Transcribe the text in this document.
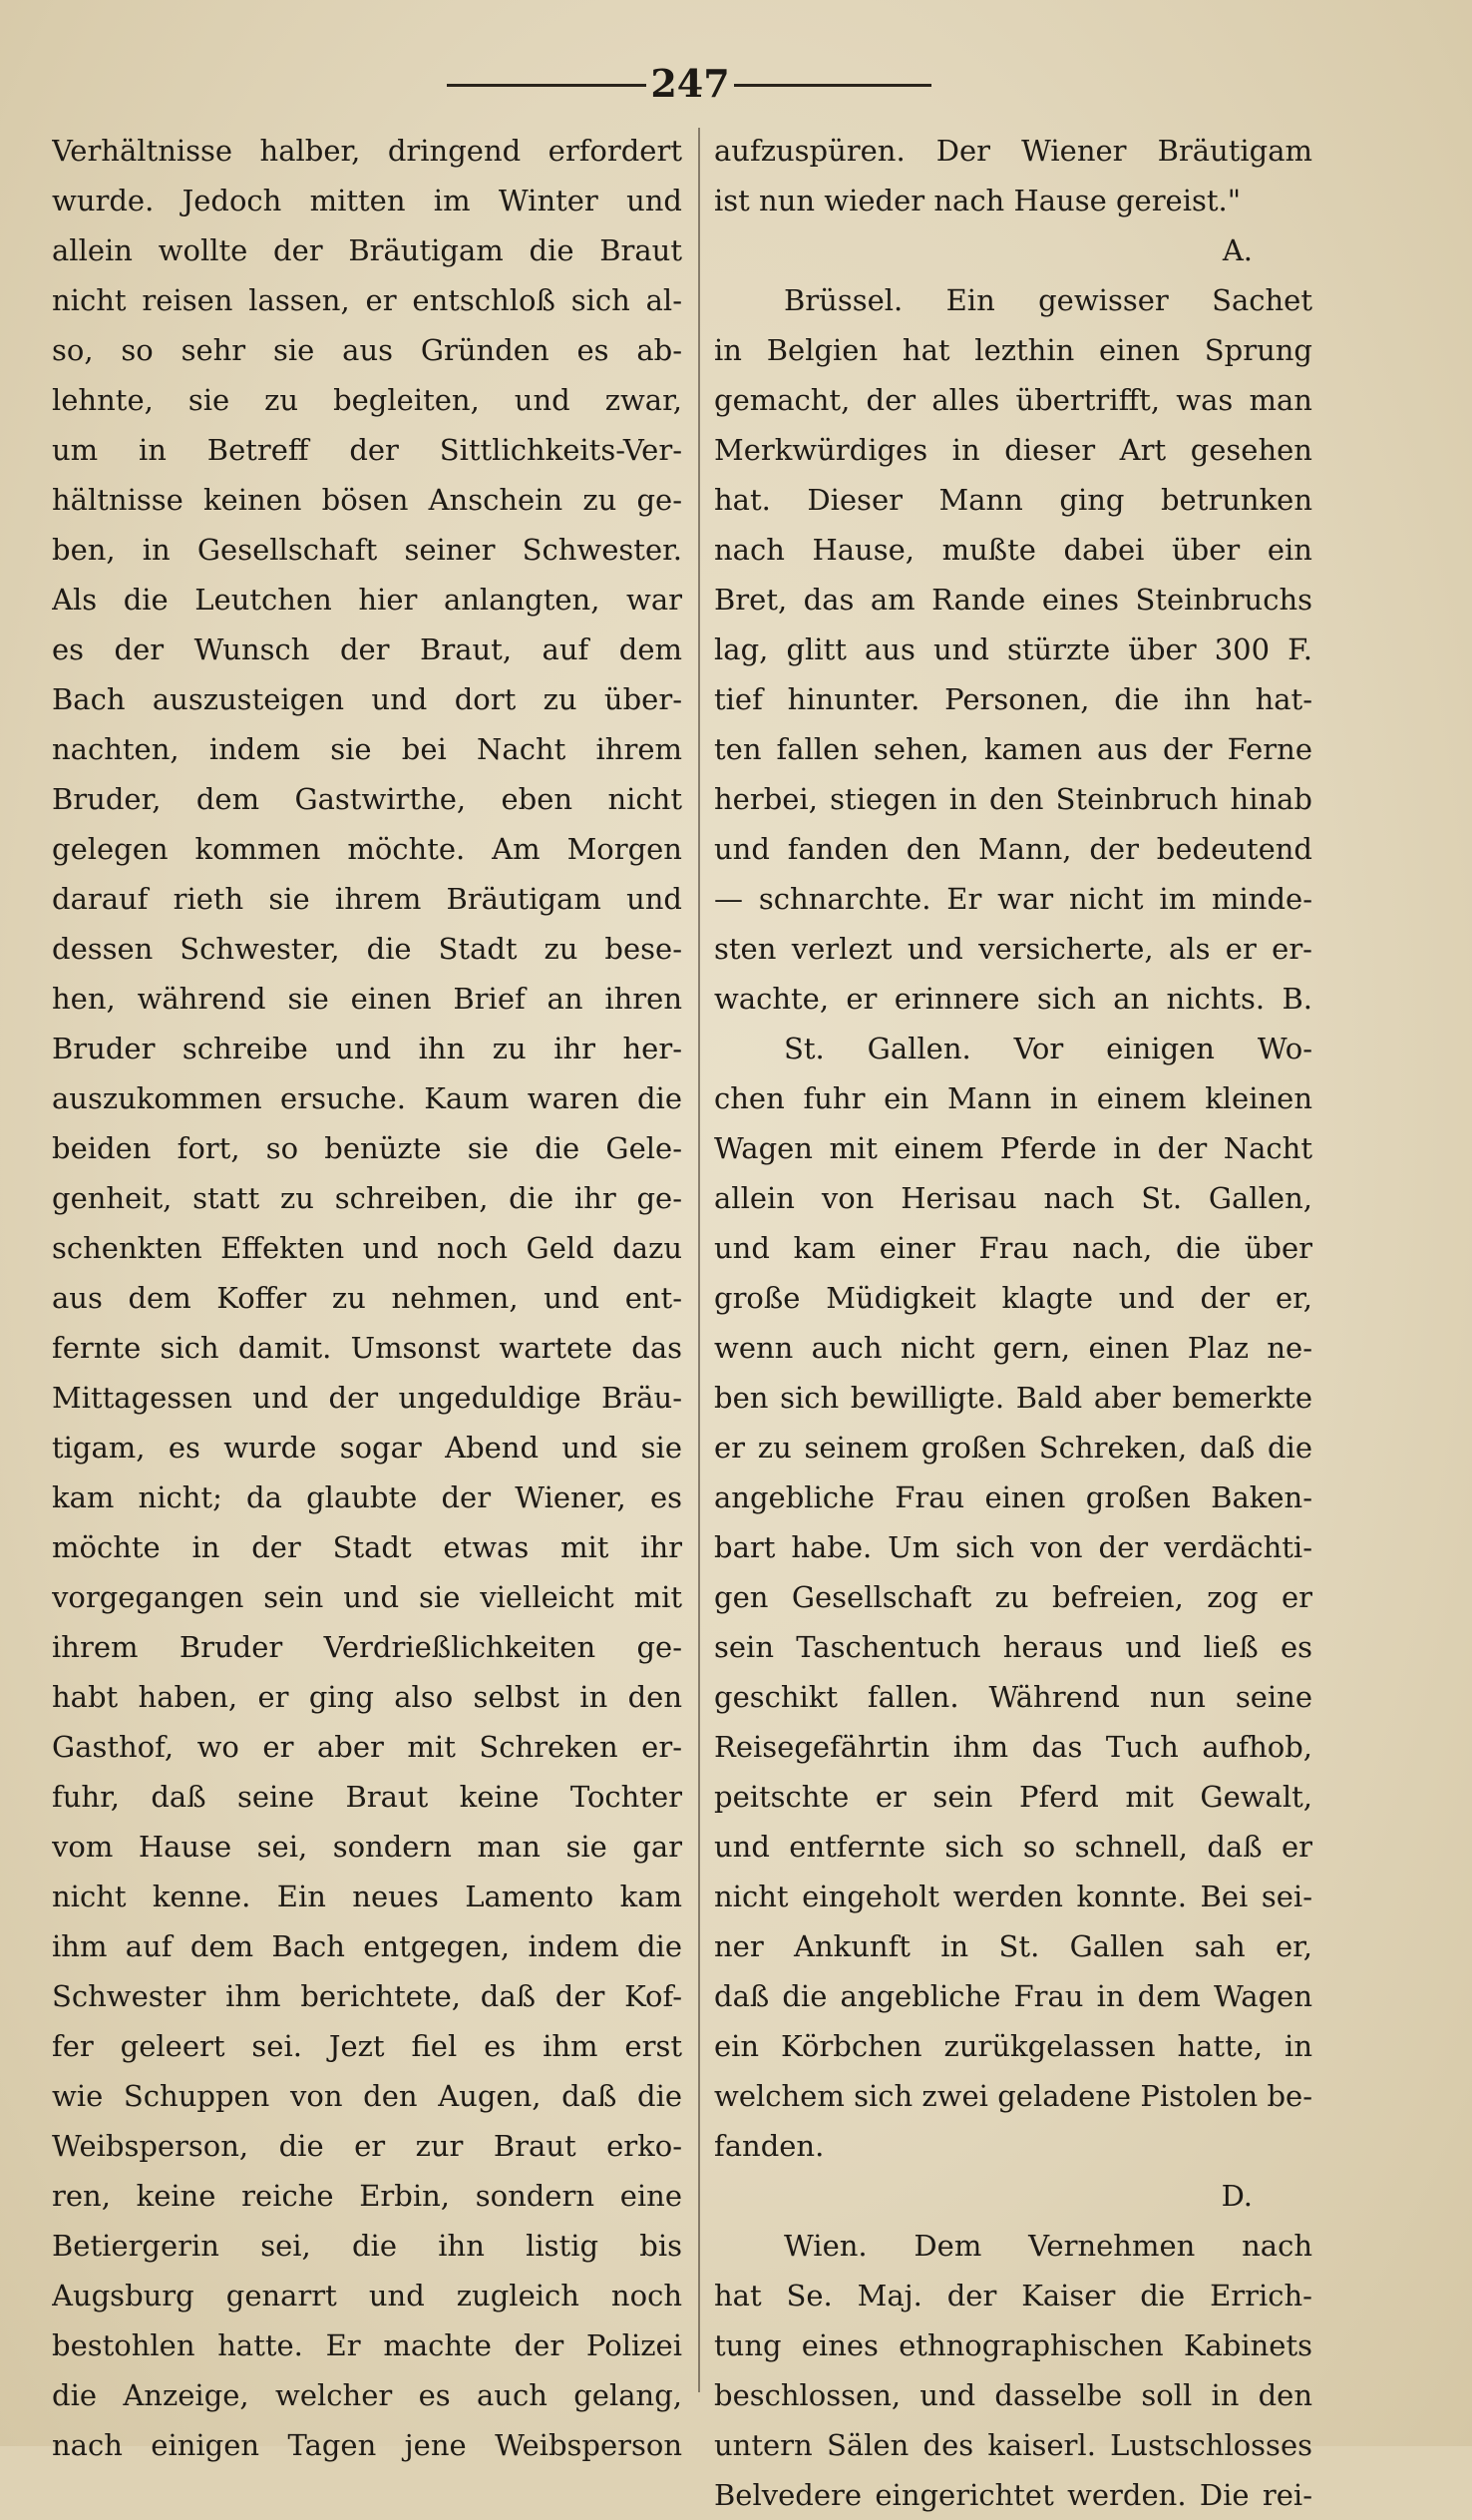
247
Verhältnisse halber, dringend erfordert
wurde. Jedoch mitten im Winter und
allein wollte der Bräutigam die Braut
nicht reisen lassen, er entschloß sich al-
so, so sehr sie aus Gründen es ab-
lehnte, sie zu begleiten, und zwar,
um in Betreff der Sittlichkeits-Ver-
hältnisse keinen bösen Anschein zu ge-
ben, in Gesellschaft seiner Schwester.
Als die Leutchen hier anlangten, war
es der Wunsch der Braut, auf dem
Bach auszusteigen und dort zu über-
nachten, indem sie bei Nacht ihrem
Bruder, dem Gastwirthe, eben nicht
gelegen kommen möchte. Am Morgen
darauf rieth sie ihrem Bräutigam und
dessen Schwester, die Stadt zu bese-
hen, während sie einen Brief an ihren
Bruder schreibe und ihn zu ihr her-
auszukommen ersuche. Kaum waren die
beiden fort, so benüzte sie die Gele-
genheit, statt zu schreiben, die ihr ge-
schenkten Effekten und noch Geld dazu
aus dem Koffer zu nehmen, und ent-
fernte sich damit. Umsonst wartete das
Mittagessen und der ungeduldige Bräu-
tigam, es wurde sogar Abend und sie
kam nicht; da glaubte der Wiener, es
möchte in der Stadt etwas mit ihr
vorgegangen sein und sie vielleicht mit
ihrem Bruder Verdrießlichkeiten ge-
habt haben, er ging also selbst in den
Gasthof, wo er aber mit Schreken er-
fuhr, daß seine Braut keine Tochter
vom Hause sei, sondern man sie gar
nicht kenne. Ein neues Lamento kam
ihm auf dem Bach entgegen, indem die
Schwester ihm berichtete, daß der Kof-
fer geleert sei. Jezt fiel es ihm erst
wie Schuppen von den Augen, daß die
Weibsperson, die er zur Braut erko-
ren, keine reiche Erbin, sondern eine
Betiergerin sei, die ihn listig bis
Augsburg genarrt und zugleich noch
bestohlen hatte. Er machte der Polizei
die Anzeige, welcher es auch gelang,
nach einigen Tagen jene Weibsperson
aufzuspüren. Der Wiener Bräutigam
ist nun wieder nach Hause gereist."
A.
Brüssel. Ein gewisser Sachet
in Belgien hat lezthin einen Sprung
gemacht, der alles übertrifft, was man
Merkwürdiges in dieser Art gesehen
hat. Dieser Mann ging betrunken
nach Hause, mußte dabei über ein
Bret, das am Rande eines Steinbruchs
lag, glitt aus und stürzte über 300 F.
tief hinunter. Personen, die ihn hat-
ten fallen sehen, kamen aus der Ferne
herbei, stiegen in den Steinbruch hinab
und fanden den Mann, der bedeutend
— schnarchte. Er war nicht im minde-
sten verlezt und versicherte, als er er-
wachte, er erinnere sich an nichts. B.
St. Gallen. Vor einigen Wo-
chen fuhr ein Mann in einem kleinen
Wagen mit einem Pferde in der Nacht
allein von Herisau nach St. Gallen,
und kam einer Frau nach, die über
große Müdigkeit klagte und der er,
wenn auch nicht gern, einen Plaz ne-
ben sich bewilligte. Bald aber bemerkte
er zu seinem großen Schreken, daß die
angebliche Frau einen großen Baken-
bart habe. Um sich von der verdächti-
gen Gesellschaft zu befreien, zog er
sein Taschentuch heraus und ließ es
geschikt fallen. Während nun seine
Reisegefährtin ihm das Tuch aufhob,
peitschte er sein Pferd mit Gewalt,
und entfernte sich so schnell, daß er
nicht eingeholt werden konnte. Bei sei-
ner Ankunft in St. Gallen sah er,
daß die angebliche Frau in dem Wagen
ein Körbchen zurükgelassen hatte, in
welchem sich zwei geladene Pistolen be-
fanden.
D.
Wien. Dem Vernehmen nach
hat Se. Maj. der Kaiser die Errich-
tung eines ethnographischen Kabinets
beschlossen, und dasselbe soll in den
untern Sälen des kaiserl. Lustschlosses
Belvedere eingerichtet werden. Die rei-
